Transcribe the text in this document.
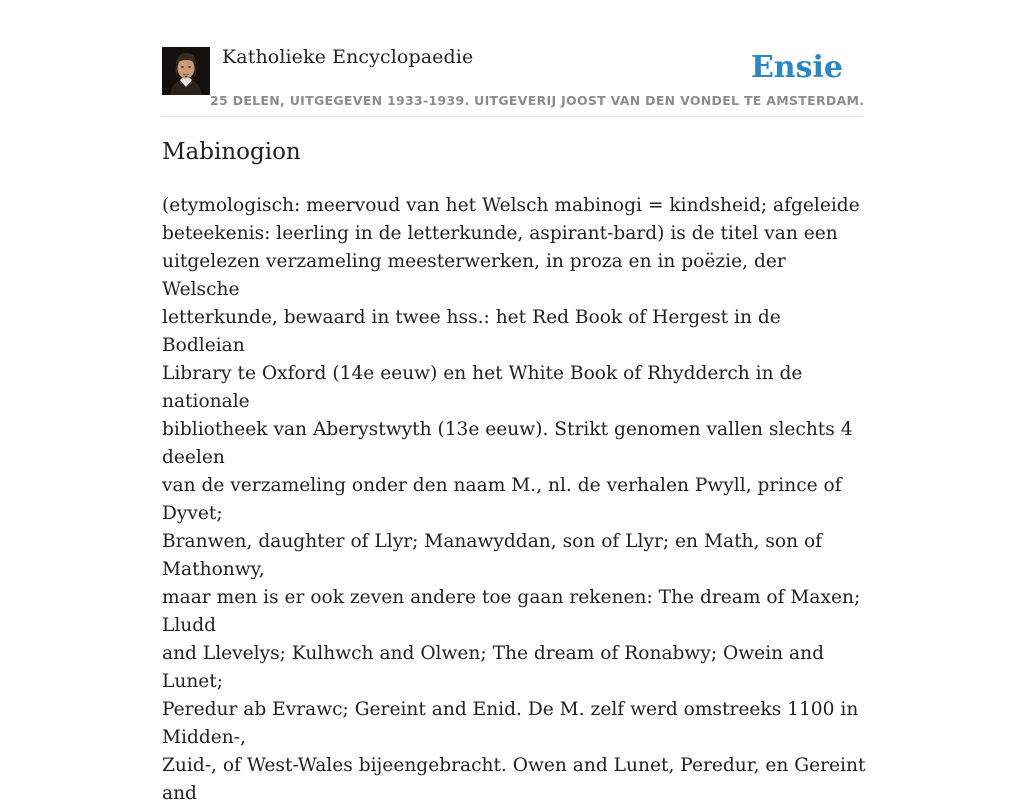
Katholieke Encyclopaedie
25 DELEN, UITGEGEVEN 1933-1939. UITGEVERIJ JOOST VAN DEN VONDEL TE AMSTERDAM.
Ensie
Mabinogion

(etymologisch: meervoud van het Welsch mabinogi = kindsheid; afgeleide
beteekenis: leerling in de letterkunde, aspirant-bard) is de titel van een
uitgelezen verzameling meesterwerken, in proza en in poëzie, der Welsche
letterkunde, bewaard in twee hss.: het Red Book of Hergest in de Bodleian
Library te Oxford (14e eeuw) en het White Book of Rhydderch in de nationale
bibliotheek van Aberystwyth (13e eeuw). Strikt genomen vallen slechts 4 deelen
van de verzameling onder den naam M., nl. de verhalen Pwyll, prince of Dyvet;
Branwen, daughter of Llyr; Manawyddan, son of Llyr; en Math, son of Mathonwy,
maar men is er ook zeven andere toe gaan rekenen: The dream of Maxen; Lludd
and Llevelys; Kulhwch and Olwen; The dream of Ronabwy; Owein and Lunet;
Peredur ab Evrawc; Gereint and Enid. De M. zelf werd omstreeks 1100 in Midden-,
Zuid-, of West-Wales bijeengebracht. Owen and Lunet, Peredur, en Gereint and
